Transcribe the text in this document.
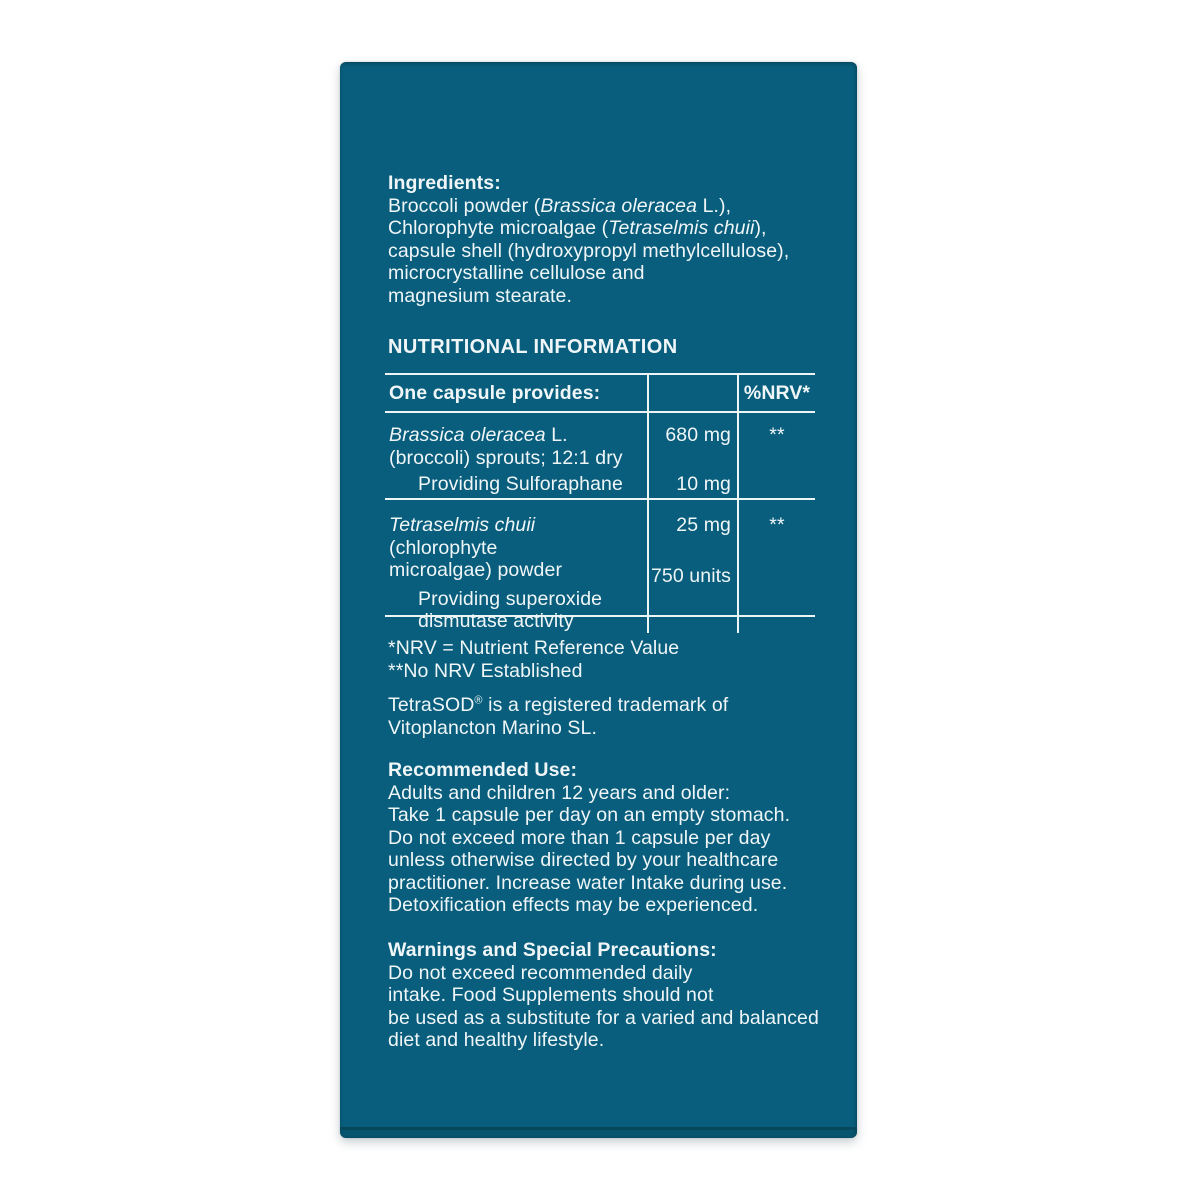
Ingredients:
Broccoli powder (Brassica oleracea L.),
Chlorophyte microalgae (Tetraselmis chuii),
capsule shell (hydroxypropyl methylcellulose),
microcrystalline cellulose and
magnesium stearate.
NUTRITIONAL INFORMATION
One capsule provides:	%NRV*
Brassica oleracea L.
(broccoli) sprouts; 12:1 dry
Providing Sulforaphane
680 mg
10 mg
**
Tetraselmis chuii (chlorophyte
microalgae) powder
Providing superoxide
dismutase activity
25 mg
750 units
**
*NRV = Nutrient Reference Value
**No NRV Established
TetraSOD® is a registered trademark of
Vitoplancton Marino SL.
Recommended Use:
Adults and children 12 years and older:
Take 1 capsule per day on an empty stomach.
Do not exceed more than 1 capsule per day
unless otherwise directed by your healthcare
practitioner. Increase water Intake during use.
Detoxification effects may be experienced.
Warnings and Special Precautions:
Do not exceed recommended daily
intake. Food Supplements should not
be used as a substitute for a varied and balanced
diet and healthy lifestyle.
